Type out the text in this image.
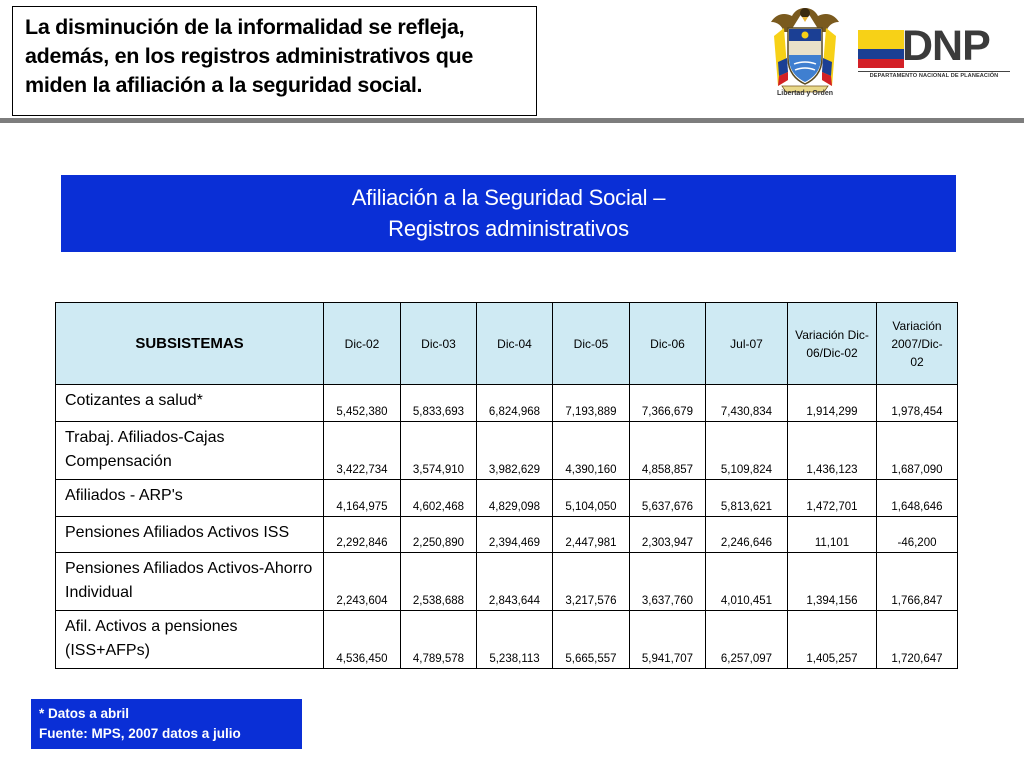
La disminución de la informalidad se refleja,

además, en los registros administrativos que

miden la afiliación a la seguridad social.	Libertad y Orden
DNP
DEPARTAMENTO NACIONAL DE PLANEACIÓN
Afiliación a la Seguridad Social –
Registros administrativos
SUBSISTEMAS	Dic-02	Dic-03	Dic-04	Dic-05	Dic-06	Jul-07	Variación Dic-06/Dic-02	Variación 2007/Dic-02
Cotizantes a salud*	5,452,380	5,833,693	6,824,968	7,193,889	7,366,679	7,430,834	1,914,299	1,978,454
Trabaj. Afiliados-Cajas Compensación	3,422,734	3,574,910	3,982,629	4,390,160	4,858,857	5,109,824	1,436,123	1,687,090
Afiliados - ARP's	4,164,975	4,602,468	4,829,098	5,104,050	5,637,676	5,813,621	1,472,701	1,648,646
Pensiones Afiliados Activos ISS	2,292,846	2,250,890	2,394,469	2,447,981	2,303,947	2,246,646	11,101	-46,200
Pensiones Afiliados Activos-Ahorro Individual	2,243,604	2,538,688	2,843,644	3,217,576	3,637,760	4,010,451	1,394,156	1,766,847
Afil. Activos a pensiones (ISS+AFPs)	4,536,450	4,789,578	5,238,113	5,665,557	5,941,707	6,257,097	1,405,257	1,720,647
* Datos a abril
Fuente: MPS, 2007 datos a julio
